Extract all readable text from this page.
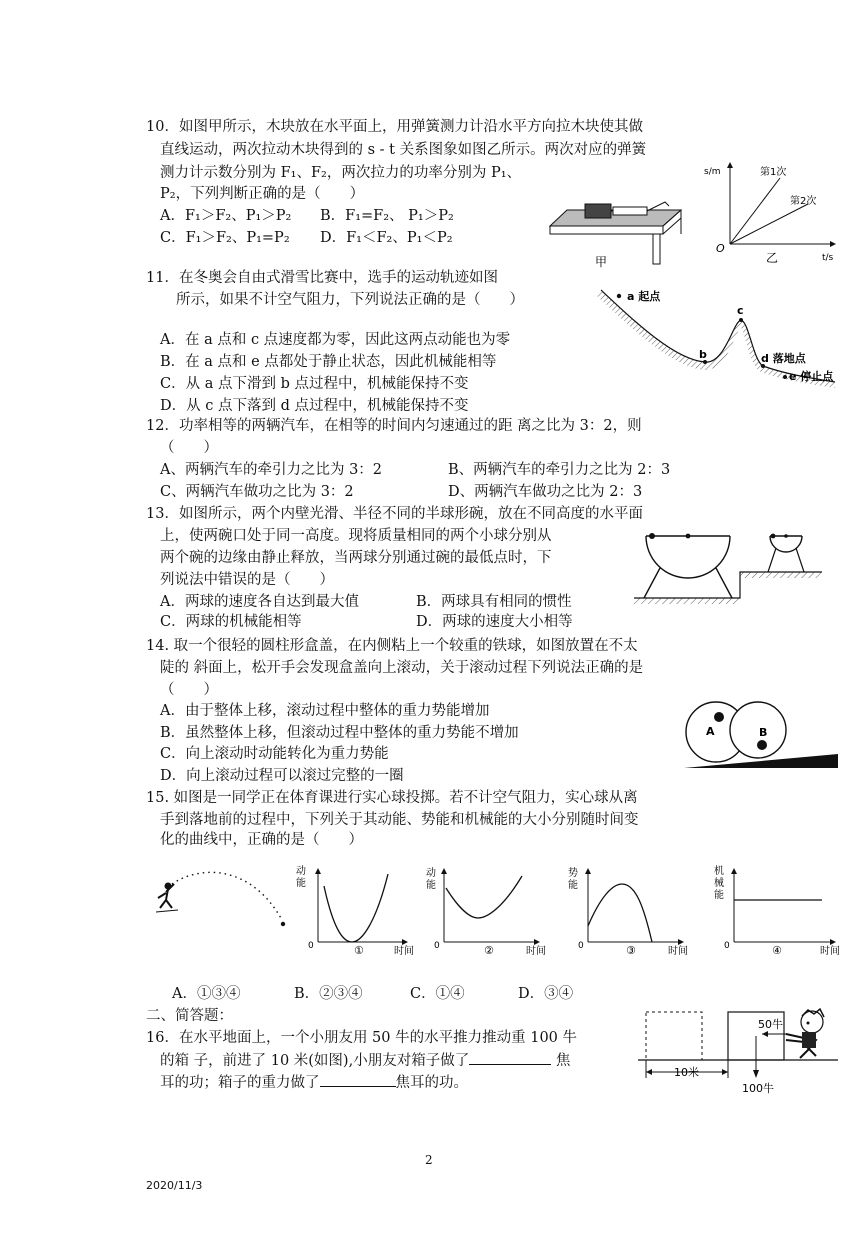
10．如图甲所示，木块放在水平面上，用弹簧测力计沿水平方向拉木块使其做
直线运动，两次拉动木块得到的 s - t 关系图象如图乙所示。两次对应的弹簧
测力计示数分别为 F₁、F₂，两次拉力的功率分别为 P₁、
P₂，下列判断正确的是（　　）
A．F₁＞F₂、P₁＞P₂ B．F₁=F₂、 P₁＞P₂
C．F₁＞F₂、P₁=P₂ D．F₁＜F₂、P₁＜P₂
甲
s/m
t/s
O
第1次
第2次
乙
11．在冬奥会自由式滑雪比赛中，选手的运动轨迹如图
所示，如果不计空气阻力，下列说法正确的是（　　）
A．在 a 点和 c 点速度都为零，因此这两点动能也为零
B．在 a 点和 e 点都处于静止状态，因此机械能相等
C．从 a 点下滑到 b 点过程中，机械能保持不变
D．从 c 点下落到 d 点过程中，机械能保持不变
a 起点
b
c
d 落地点
e 停止点
12．功率相等的两辆汽车，在相等的时间内匀速通过的距 离之比为 3：2，则
（　　）
A、两辆汽车的牵引力之比为 3：2	B、两辆汽车的牵引力之比为 2：3
C、两辆汽车做功之比为 3：2	D、两辆汽车做功之比为 2：3
13．如图所示，两个内壁光滑、半径不同的半球形碗，放在不同高度的水平面
上，使两碗口处于同一高度。现将质量相同的两个小球分别从
两个碗的边缘由静止释放，当两球分别通过碗的最低点时，下
列说法中错误的是（　　）
A．两球的速度各自达到最大值	B．两球具有相同的惯性
C．两球的机械能相等	D．两球的速度大小相等
14. 取一个很轻的圆柱形盒盖，在内侧粘上一个较重的铁球，如图放置在不太
陡的 斜面上，松开手会发现盒盖向上滚动，关于滚动过程下列说法正确的是
（　　）
A．由于整体上移，滚动过程中整体的重力势能增加
B．虽然整体上移，但滚动过程中整体的重力势能不增加
C．向上滚动时动能转化为重力势能
D．向上滚动过程可以滚过完整的一圈
A	B
15. 如图是一同学正在体育课进行实心球投掷。若不计空气阻力，实心球从离
手到落地前的过程中，下列关于其动能、势能和机械能的大小分别随时间变
化的曲线中，正确的是（　　）
动
能
0	①	时间
动
能
0	②	时间
势
能
0	③	时间
机
械
能
0	④	时间
A．①③④	B．②③④	C．①④	D．③④
二、简答题：
16．在水平地面上，一个小朋友用 50 牛的水平推力推动重 100 牛
的箱 子，前进了 10 米(如图),小朋友对箱子做了	焦
耳的功；箱子的重力做了	焦耳的功。
10米
50牛
100牛
2
2020/11/3
